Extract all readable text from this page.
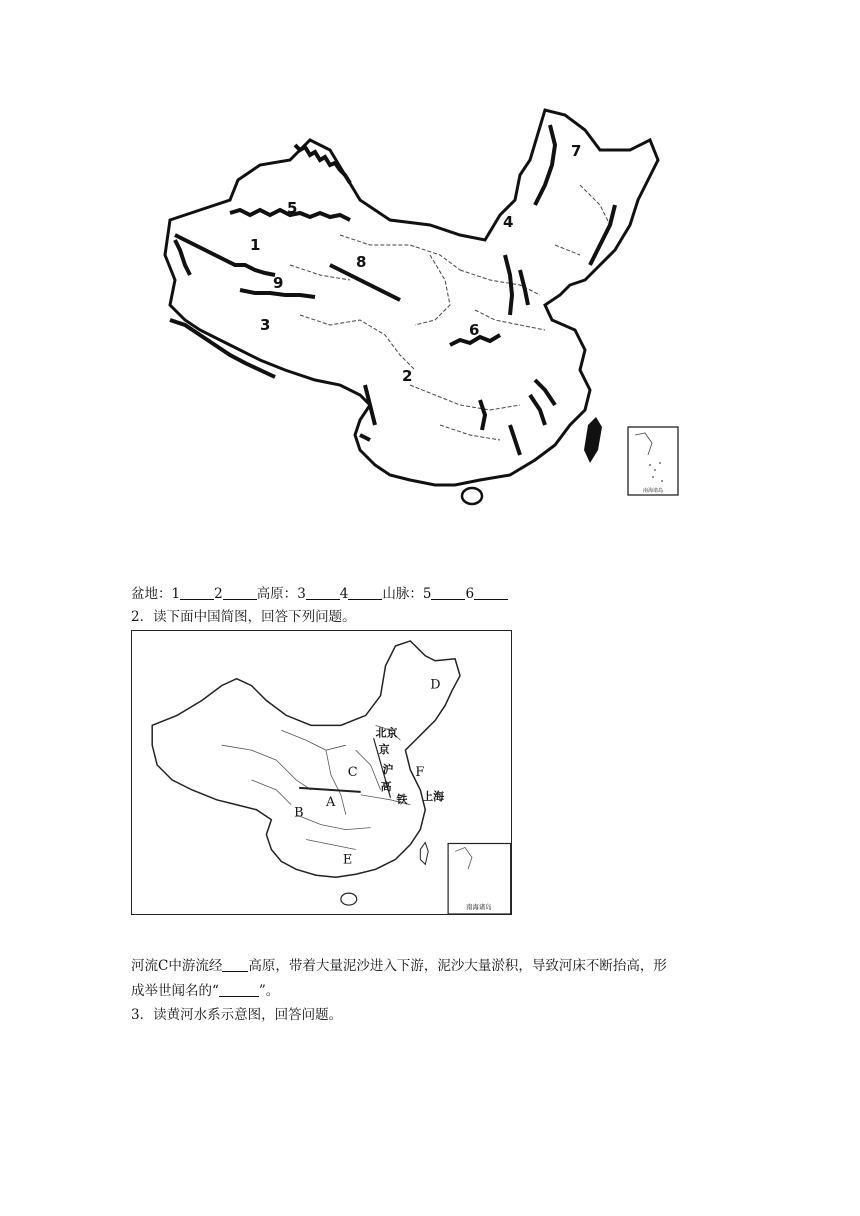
1
2
3
4
5
6
7
8
9
南海诸岛
盆地：1	2	高原：3	4	山脉：5	6
2．读下面中国简图，回答下列问题。
A
B
C
D
E
F
北京
京
沪
高
铁 上海
南海诸岛
河流C中游流经 高原，带着大量泥沙进入下游，泥沙大量淤积，导致河床不断抬高，形
成举世闻名的“	”。
3．读黄河水系示意图，回答问题。
